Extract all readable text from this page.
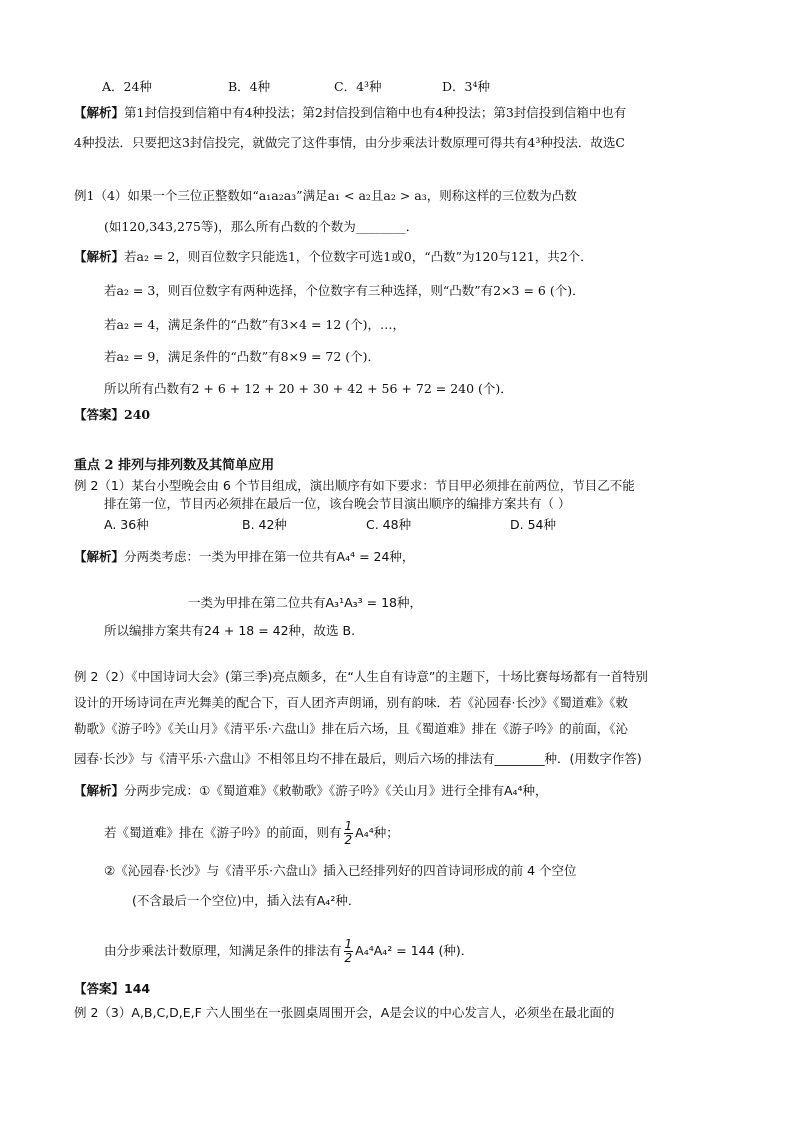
A．24种	B．4种	C．4³种	D．3⁴种
【解析】第1封信投到信箱中有4种投法；第2封信投到信箱中也有4种投法；第3封信投到信箱中也有
4种投法．只要把这3封信投完，就做完了这件事情，由分步乘法计数原理可得共有4³种投法．故选C
例1（4）如果一个三位正整数如“a₁a₂a₃”满足a₁ < a₂且a₂ > a₃，则称这样的三位数为凸数
(如120,343,275等)，那么所有凸数的个数为________．
【解析】若a₂ = 2，则百位数字只能选1，个位数字可选1或0，“凸数”为120与121，共2个．
若a₂ = 3，则百位数字有两种选择，个位数字有三种选择，则“凸数”有2×3 = 6 (个)．
若a₂ = 4，满足条件的“凸数”有3×4 = 12 (个)，…，
若a₂ = 9，满足条件的“凸数”有8×9 = 72 (个)．
所以所有凸数有2 + 6 + 12 + 20 + 30 + 42 + 56 + 72 = 240 (个)．
【答案】240
重点 2 排列与排列数及其简单应用
例 2（1）某台小型晚会由 6 个节目组成，演出顺序有如下要求：节目甲必须排在前两位，节目乙不能
排在第一位，节目丙必须排在最后一位，该台晚会节目演出顺序的编排方案共有（ ）
A. 36种	B. 42种	C. 48种	D. 54种
【解析】分两类考虑：一类为甲排在第一位共有A₄⁴ = 24种，
一类为甲排在第二位共有A₃¹A₃³ = 18种，
所以编排方案共有24 + 18 = 42种，故选 B.
例 2（2）《中国诗词大会》(第三季)亮点颇多，在“人生自有诗意”的主题下，十场比赛每场都有一首特别
设计的开场诗词在声光舞美的配合下，百人团齐声朗诵，别有韵味．若《沁园春·长沙》《蜀道难》《敕
勒歌》《游子吟》《关山月》《清平乐·六盘山》排在后六场，且《蜀道难》排在《游子吟》的前面，《沁
园春·长沙》与《清平乐·六盘山》不相邻且均不排在最后，则后六场的排法有________种．(用数字作答)
【解析】分两步完成：①《蜀道难》《敕勒歌》《游子吟》《关山月》进行全排有A₄⁴种，
若《蜀道难》排在《游子吟》的前面，则有 $\frac{1}{2} A_4^4$种；
②《沁园春·长沙》与《清平乐·六盘山》插入已经排列好的四首诗词形成的前 4 个空位
(不含最后一个空位)中，插入法有A₄²种．
由分步乘法计数原理，知满足条件的排法有 $\frac{1}{2} A_4^4A_4^2 = 144$ (种)．
【答案】144
例 2（3）A,B,C,D,E,F 六人围坐在一张圆桌周围开会，A是会议的中心发言人，必须坐在最北面的
